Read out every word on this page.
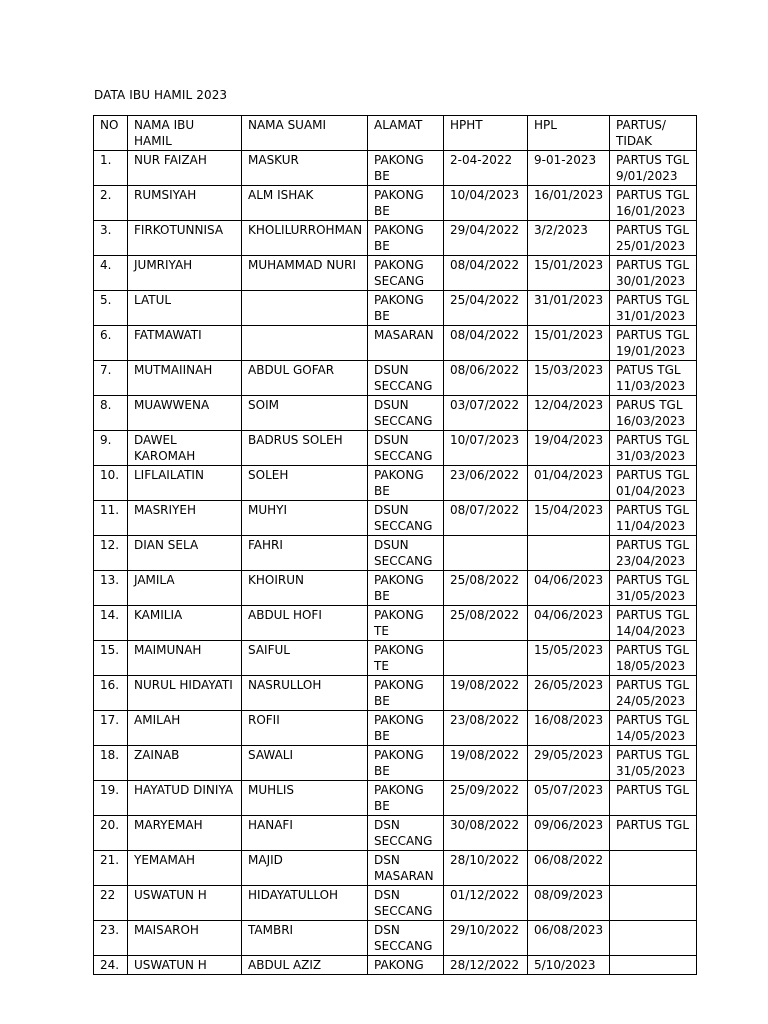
DATA IBU HAMIL 2023
NO	NAMA IBU HAMIL	NAMA SUAMI	ALAMAT	HPHT	HPL	PARTUS/ TIDAK
1.	NUR FAIZAH	MASKUR	PAKONG BE	2-04-2022	9-01-2023	PARTUS TGL 9/01/2023
2.	RUMSIYAH	ALM ISHAK	PAKONG BE	10/04/2023	16/01/2023	PARTUS TGL 16/01/2023
3.	FIRKOTUNNISA	KHOLILURROHMAN	PAKONG BE	29/04/2022	3/2/2023	PARTUS TGL 25/01/2023
4.	JUMRIYAH	MUHAMMAD NURI	PAKONG SECANG	08/04/2022	15/01/2023	PARTUS TGL 30/01/2023
5.	LATUL		PAKONG BE	25/04/2022	31/01/2023	PARTUS TGL 31/01/2023
6.	FATMAWATI		MASARAN	08/04/2022	15/01/2023	PARTUS TGL 19/01/2023
7.	MUTMAIINAH	ABDUL GOFAR	DSUN SECCANG	08/06/2022	15/03/2023	PATUS TGL 11/03/2023
8.	MUAWWENA	SOIM	DSUN SECCANG	03/07/2022	12/04/2023	PARUS TGL 16/03/2023
9.	DAWEL KAROMAH	BADRUS SOLEH	DSUN SECCANG	10/07/2023	19/04/2023	PARTUS TGL 31/03/2023
10.	LIFLAILATIN	SOLEH	PAKONG BE	23/06/2022	01/04/2023	PARTUS TGL 01/04/2023
11.	MASRIYEH	MUHYI	DSUN SECCANG	08/07/2022	15/04/2023	PARTUS TGL 11/04/2023
12.	DIAN SELA	FAHRI	DSUN SECCANG			PARTUS TGL 23/04/2023
13.	JAMILA	KHOIRUN	PAKONG BE	25/08/2022	04/06/2023	PARTUS TGL 31/05/2023
14.	KAMILIA	ABDUL HOFI	PAKONG TE	25/08/2022	04/06/2023	PARTUS TGL 14/04/2023
15.	MAIMUNAH	SAIFUL	PAKONG TE		15/05/2023	PARTUS TGL 18/05/2023
16.	NURUL HIDAYATI	NASRULLOH	PAKONG BE	19/08/2022	26/05/2023	PARTUS TGL 24/05/2023
17.	AMILAH	ROFII	PAKONG BE	23/08/2022	16/08/2023	PARTUS TGL 14/05/2023
18.	ZAINAB	SAWALI	PAKONG BE	19/08/2022	29/05/2023	PARTUS TGL 31/05/2023
19.	HAYATUD DINIYA	MUHLIS	PAKONG BE	25/09/2022	05/07/2023	PARTUS TGL
20.	MARYEMAH	HANAFI	DSN SECCANG	30/08/2022	09/06/2023	PARTUS TGL
21.	YEMAMAH	MAJID	DSN MASARAN	28/10/2022	06/08/2022	
22	USWATUN H	HIDAYATULLOH	DSN SECCANG	01/12/2022	08/09/2023	
23.	MAISAROH	TAMBRI	DSN SECCANG	29/10/2022	06/08/2023	
24.	USWATUN H	ABDUL AZIZ	PAKONG	28/12/2022	5/10/2023	
